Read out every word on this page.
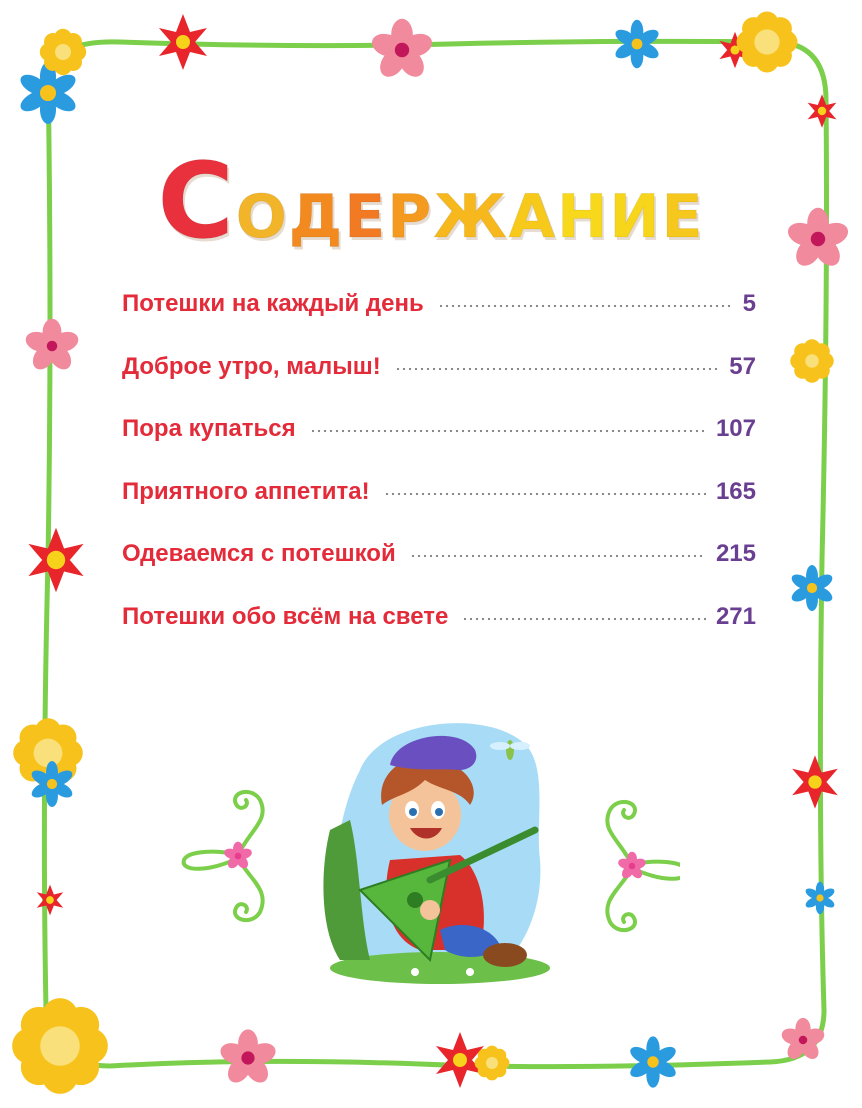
СОДЕРЖАНИЕ
Потешки на каждый день	5
Доброе утро, малыш!	57
Пора купаться	107
Приятного аппетита!	165
Одеваемся с потешкой	215
Потешки обо всём на свете	271
